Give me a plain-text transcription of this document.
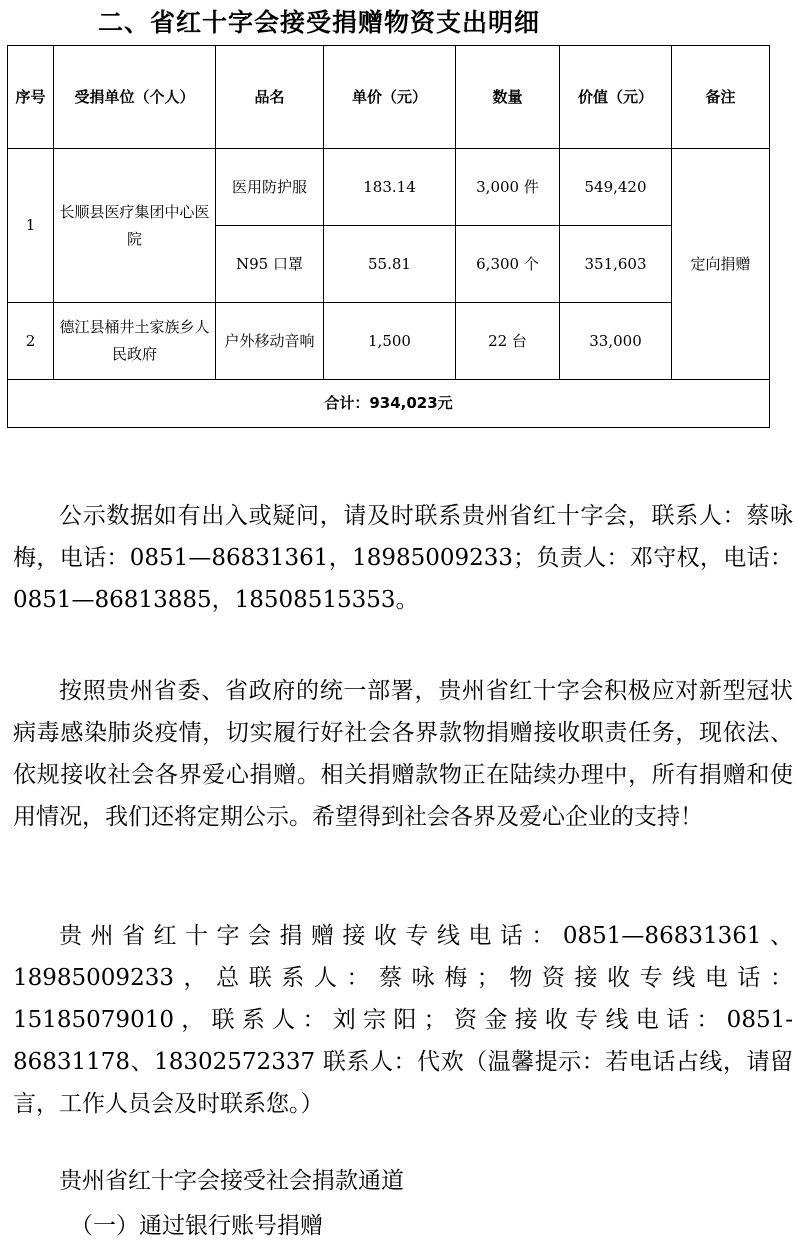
二、省红十字会接受捐赠物资支出明细
序号	受捐单位（个人）	品名	单价（元）	数量	价值（元）	备注
1	长顺县医疗集团中心医院	医用防护服	183.14	3,000 件	549,420	定向捐赠
		N95 口罩	55.81	6,300 个	351,603	
2	德江县桶井土家族乡人民政府	户外移动音响	1,500	22 台	33,000	
合计：934,023元						

公示数据如有出入或疑问，请及时联系贵州省红十字会，联系人：蔡咏梅，电话：0851—86831361，18985009233；负责人：邓守权，电话：0851—86813885，18508515353。

按照贵州省委、省政府的统一部署，贵州省红十字会积极应对新型冠状病毒感染肺炎疫情，切实履行好社会各界款物捐赠接收职责任务，现依法、依规接收社会各界爱心捐赠。相关捐赠款物正在陆续办理中，所有捐赠和使用情况，我们还将定期公示。希望得到社会各界及爱心企业的支持！

贵州省红十字会捐赠接收专线电话：0851—86831361、18985009233，总联系人：蔡咏梅；物资接收专线电话：15185079010，联系人：刘宗阳；资金接收专线电话：0851-86831178、18302572337 联系人：代欢（温馨提示：若电话占线，请留言，工作人员会及时联系您。）

贵州省红十字会接受社会捐款通道

（一）通过银行账号捐赠
